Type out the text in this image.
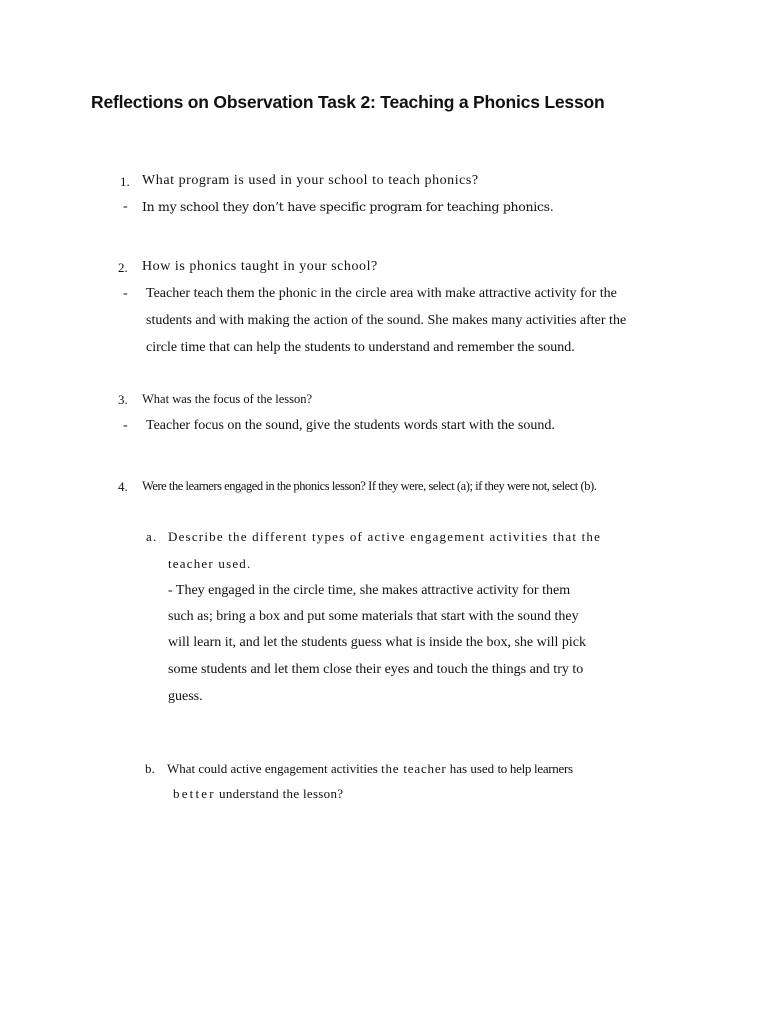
Reflections on Observation Task 2: Teaching a Phonics Lesson
1. What program is used in your school to teach phonics?
- In my school they don’t have specific program for teaching phonics.
2. How is phonics taught in your school?
- Teacher teach them the phonic in the circle area with make attractive activity for the
students and with making the action of the sound. She makes many activities after the
circle time that can help the students to understand and remember the sound.
3. What was the focus of the lesson?
- Teacher focus on the sound, give the students words start with the sound.
4. Were the learners engaged in the phonics lesson? If they were, select (a); if they were not, select (b).
a. Describe the different types of active engagement activities that the
teacher used.
- They engaged in the circle time, she makes attractive activity for them
such as; bring a box and put some materials that start with the sound they
will learn it, and let the students guess what is inside the box, she will pick
some students and let them close their eyes and touch the things and try to
guess.
b. What could active engagement activities the teacher has used to help learners
better understand the lesson?
